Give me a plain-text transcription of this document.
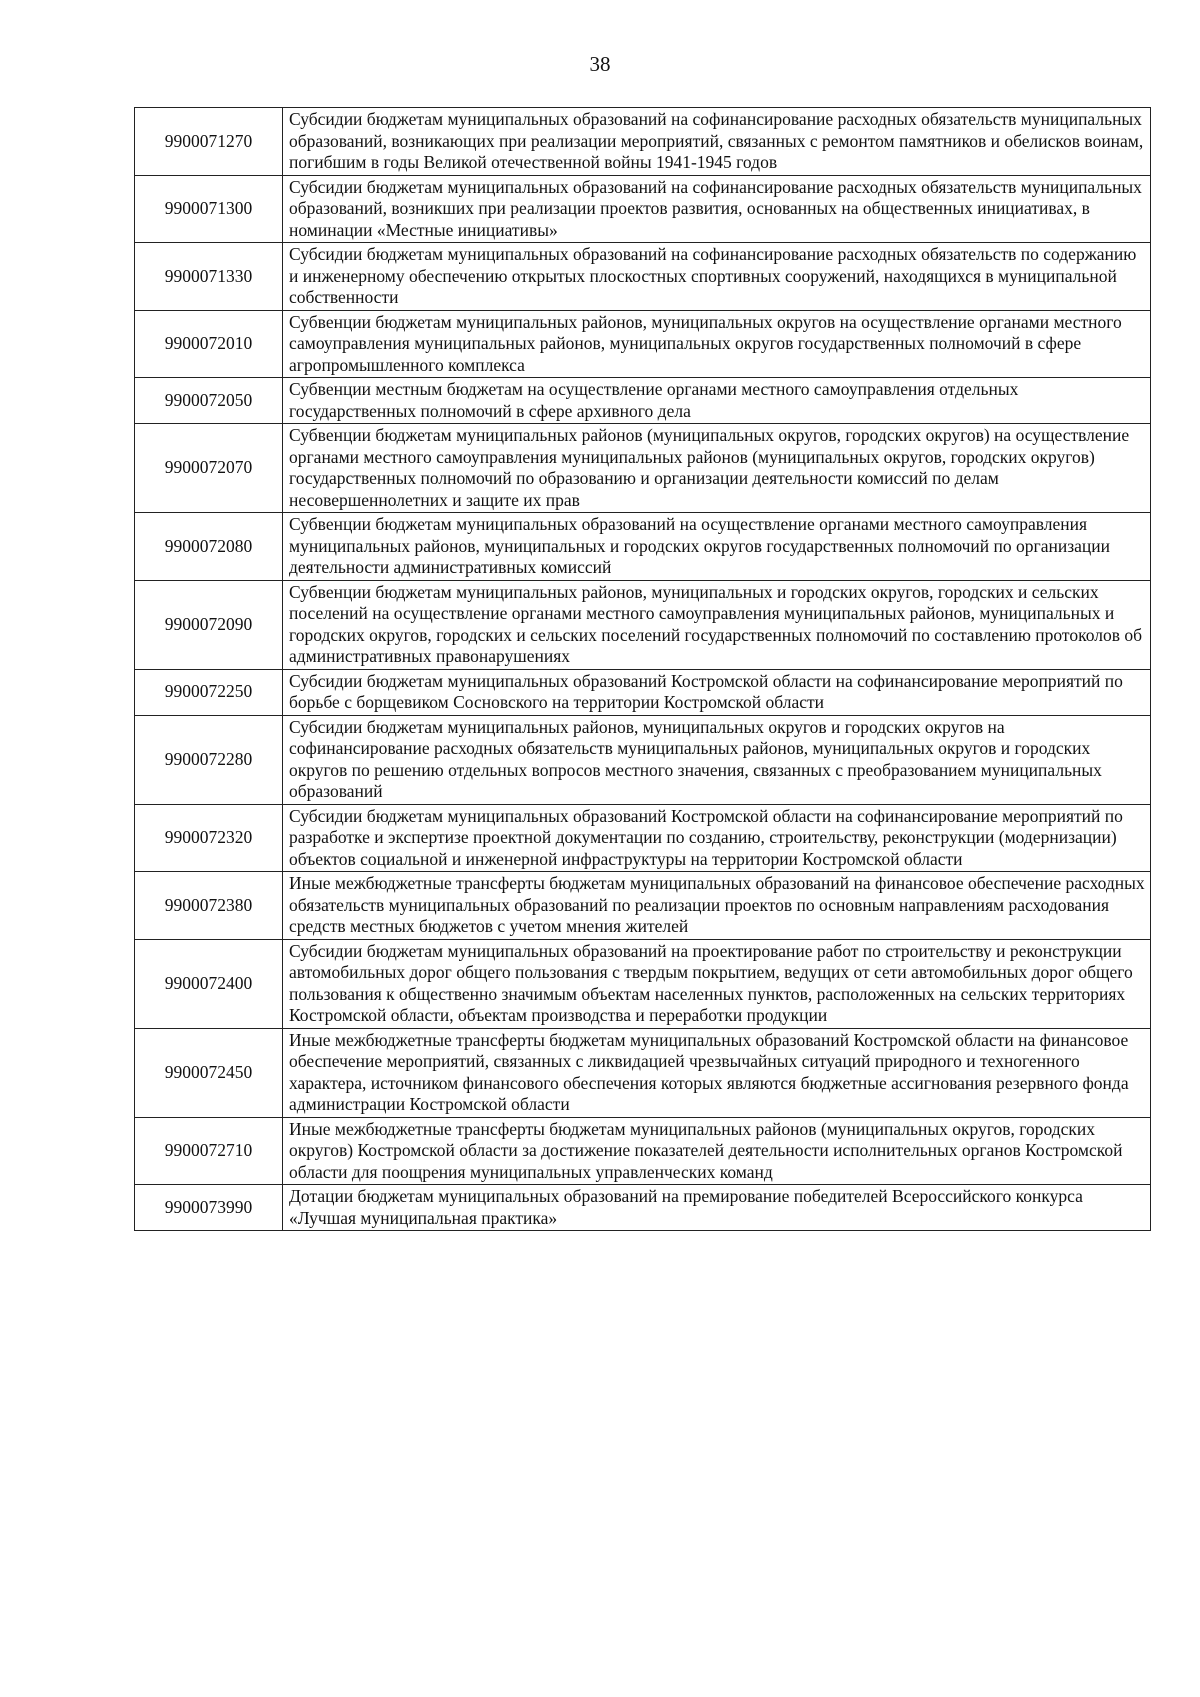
38
9900071270	Субсидии бюджетам муниципальных образований на софинансирование расходных обязательств муниципальных образований, возникающих при реализации мероприятий, связанных с ремонтом памятников и обелисков воинам, погибшим в годы Великой отечественной войны 1941-1945 годов
9900071300	Субсидии бюджетам муниципальных образований на софинансирование расходных обязательств муниципальных образований, возникших при реализации проектов развития, основанных на общественных инициативах, в номинации «Местные инициативы»
9900071330	Субсидии бюджетам муниципальных образований на софинансирование расходных обязательств по содержанию и инженерному обеспечению открытых плоскостных спортивных сооружений, находящихся в муниципальной собственности
9900072010	Субвенции бюджетам муниципальных районов, муниципальных округов на осуществление органами местного самоуправления муниципальных районов, муниципальных округов государственных полномочий в сфере агропромышленного комплекса
9900072050	Субвенции местным бюджетам на осуществление органами местного самоуправления отдельных государственных полномочий в сфере архивного дела
9900072070	Субвенции бюджетам муниципальных районов (муниципальных округов, городских округов) на осуществление органами местного самоуправления муниципальных районов (муниципальных округов, городских округов) государственных полномочий по образованию и организации деятельности комиссий по делам несовершеннолетних и защите их прав
9900072080	Субвенции бюджетам муниципальных образований на осуществление органами местного самоуправления муниципальных районов, муниципальных и городских округов государственных полномочий по организации деятельности административных комиссий
9900072090	Субвенции бюджетам муниципальных районов, муниципальных и городских округов, городских и сельских поселений на осуществление органами местного самоуправления муниципальных районов, муниципальных и городских округов, городских и сельских поселений государственных полномочий по составлению протоколов об административных правонарушениях
9900072250	Субсидии бюджетам муниципальных образований Костромской области на софинансирование мероприятий по борьбе с борщевиком Сосновского на территории Костромской области
9900072280	Субсидии бюджетам муниципальных районов, муниципальных округов и городских округов на софинансирование расходных обязательств муниципальных районов, муниципальных округов и городских округов по решению отдельных вопросов местного значения, связанных с преобразованием муниципальных образований
9900072320	Субсидии бюджетам муниципальных образований Костромской области на софинансирование мероприятий по разработке и экспертизе проектной документации по созданию, строительству, реконструкции (модернизации) объектов социальной и инженерной инфраструктуры на территории Костромской области
9900072380	Иные межбюджетные трансферты бюджетам муниципальных образований на финансовое обеспечение расходных обязательств муниципальных образований по реализации проектов по основным направлениям расходования средств местных бюджетов с учетом мнения жителей
9900072400	Субсидии бюджетам муниципальных образований на проектирование работ по строительству и реконструкции автомобильных дорог общего пользования с твердым покрытием, ведущих от сети автомобильных дорог общего пользования к общественно значимым объектам населенных пунктов, расположенных на сельских территориях Костромской области, объектам производства и переработки продукции
9900072450	Иные межбюджетные трансферты бюджетам муниципальных образований Костромской области на финансовое обеспечение мероприятий, связанных с ликвидацией чрезвычайных ситуаций природного и техногенного характера, источником финансового обеспечения которых являются бюджетные ассигнования резервного фонда администрации Костромской области
9900072710	Иные межбюджетные трансферты бюджетам муниципальных районов (муниципальных округов, городских округов) Костромской области за достижение показателей деятельности исполнительных органов Костромской области для поощрения муниципальных управленческих команд
9900073990	Дотации бюджетам муниципальных образований на премирование победителей Всероссийского конкурса «Лучшая муниципальная практика»
